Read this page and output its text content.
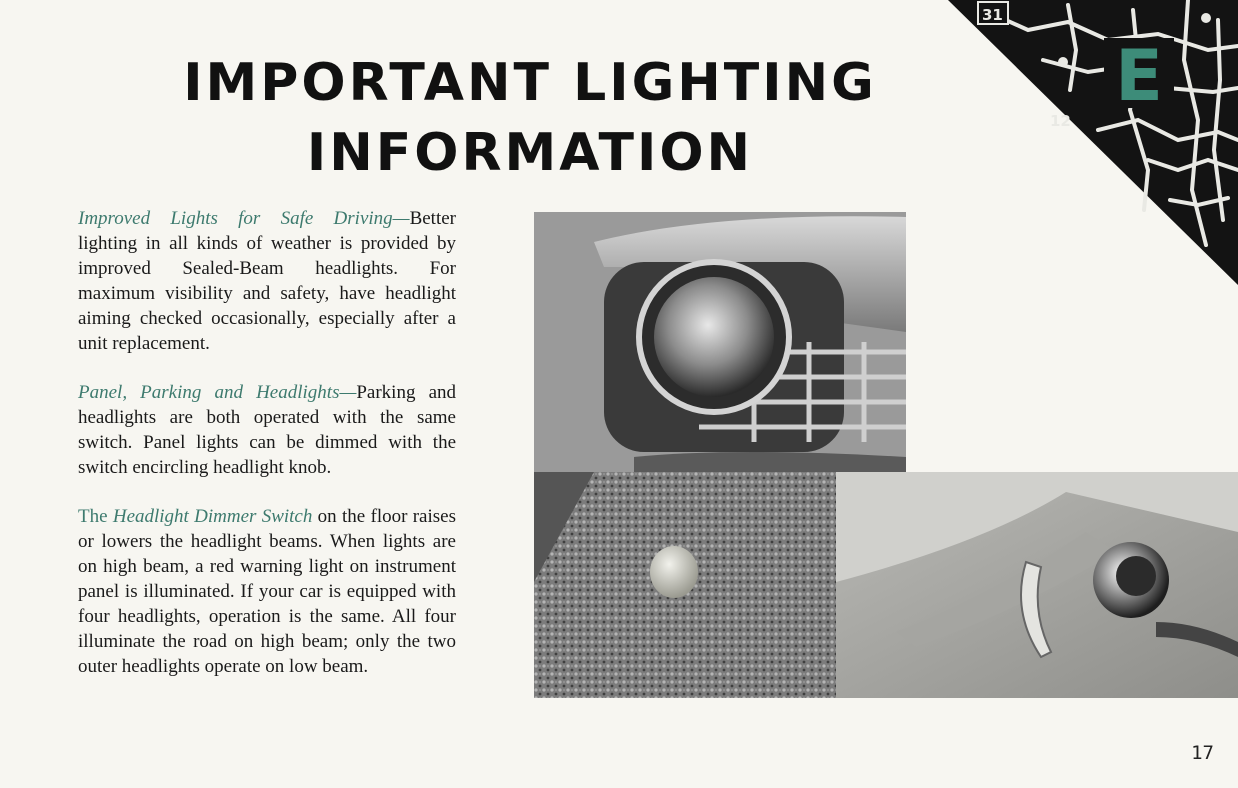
IMPORTANT LIGHTING
INFORMATION
31
12
E

Improved Lights for Safe Driving—Better lighting in all kinds of weather is provided by improved Sealed-Beam headlights. For maximum visibility and safety, have headlight aiming checked occasionally, especially after a unit replacement.

Panel, Parking and Headlights—Parking and headlights are both operated with the same switch. Panel lights can be dimmed with the switch encircling headlight knob.

The Headlight Dimmer Switch on the floor raises or lowers the headlight beams. When lights are on high beam, a red warning light on instrument panel is illuminated. If your car is equipped with four headlights, operation is the same. All four illuminate the road on high beam; only the two outer headlights operate on low beam.

17
